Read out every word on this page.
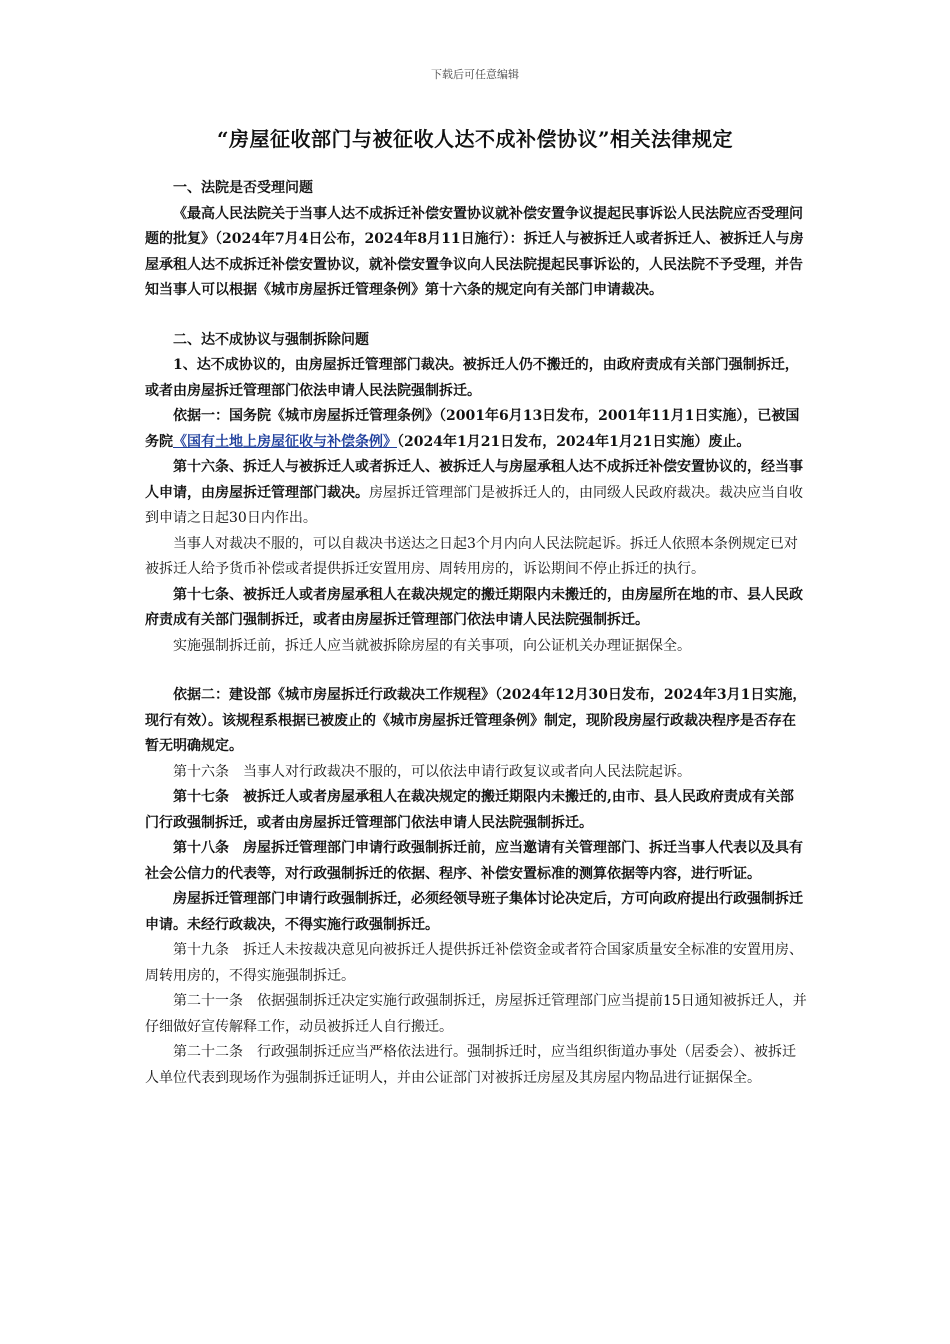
下载后可任意编辑
“房屋征收部门与被征收人达不成补偿协议”相关法律规定

一、法院是否受理问题

《最高人民法院关于当事人达不成拆迁补偿安置协议就补偿安置争议提起民事诉讼人民法院应否受理问题的批复》（2024年7月4日公布，2024年8月11日施行）：拆迁人与被拆迁人或者拆迁人、被拆迁人与房屋承租人达不成拆迁补偿安置协议，就补偿安置争议向人民法院提起民事诉讼的，人民法院不予受理，并告知当事人可以根据《城市房屋拆迁管理条例》第十六条的规定向有关部门申请裁决。

二、达不成协议与强制拆除问题

1、达不成协议的，由房屋拆迁管理部门裁决。被拆迁人仍不搬迁的，由政府责成有关部门强制拆迁，或者由房屋拆迁管理部门依法申请人民法院强制拆迁。

依据一：国务院《城市房屋拆迁管理条例》（2001年6月13日发布，2001年11月1日实施），已被国务院《国有土地上房屋征收与补偿条例》（2024年1月21日发布，2024年1月21日实施）废止。

第十六条、拆迁人与被拆迁人或者拆迁人、被拆迁人与房屋承租人达不成拆迁补偿安置协议的，经当事人申请，由房屋拆迁管理部门裁决。房屋拆迁管理部门是被拆迁人的，由同级人民政府裁决。裁决应当自收到申请之日起30日内作出。

当事人对裁决不服的，可以自裁决书送达之日起3个月内向人民法院起诉。拆迁人依照本条例规定已对被拆迁人给予货币补偿或者提供拆迁安置用房、周转用房的，诉讼期间不停止拆迁的执行。

第十七条、被拆迁人或者房屋承租人在裁决规定的搬迁期限内未搬迁的，由房屋所在地的市、县人民政府责成有关部门强制拆迁，或者由房屋拆迁管理部门依法申请人民法院强制拆迁。

实施强制拆迁前，拆迁人应当就被拆除房屋的有关事项，向公证机关办理证据保全。

依据二：建设部《城市房屋拆迁行政裁决工作规程》（2024年12月30日发布，2024年3月1日实施，现行有效）。该规程系根据已被废止的《城市房屋拆迁管理条例》制定，现阶段房屋行政裁决程序是否存在暂无明确规定。

第十六条　当事人对行政裁决不服的，可以依法申请行政复议或者向人民法院起诉。

第十七条　被拆迁人或者房屋承租人在裁决规定的搬迁期限内未搬迁的,由市、县人民政府责成有关部门行政强制拆迁，或者由房屋拆迁管理部门依法申请人民法院强制拆迁。

第十八条　房屋拆迁管理部门申请行政强制拆迁前，应当邀请有关管理部门、拆迁当事人代表以及具有社会公信力的代表等，对行政强制拆迁的依据、程序、补偿安置标准的测算依据等内容，进行听证。

房屋拆迁管理部门申请行政强制拆迁，必须经领导班子集体讨论决定后，方可向政府提出行政强制拆迁申请。未经行政裁决，不得实施行政强制拆迁。

第十九条　拆迁人未按裁决意见向被拆迁人提供拆迁补偿资金或者符合国家质量安全标准的安置用房、周转用房的，不得实施强制拆迁。

第二十一条　依据强制拆迁决定实施行政强制拆迁，房屋拆迁管理部门应当提前15日通知被拆迁人，并仔细做好宣传解释工作，动员被拆迁人自行搬迁。

第二十二条　行政强制拆迁应当严格依法进行。强制拆迁时，应当组织街道办事处（居委会）、被拆迁人单位代表到现场作为强制拆迁证明人，并由公证部门对被拆迁房屋及其房屋内物品进行证据保全。
